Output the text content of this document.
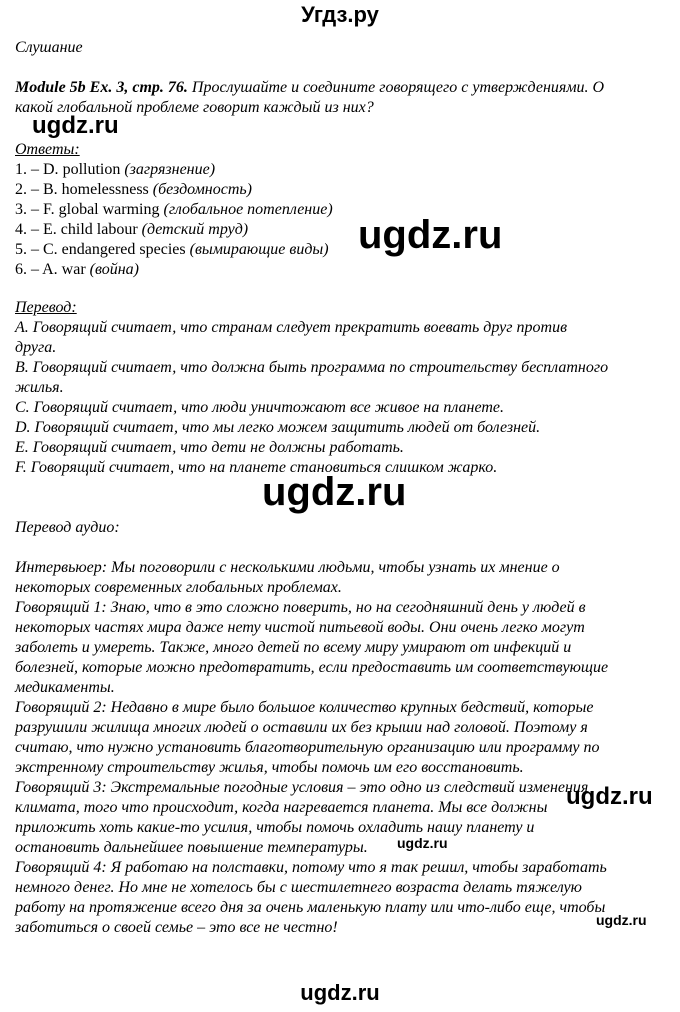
Угдз.ру
Слушание
Module 5b Ex. 3, стр. 76. Прослушайте и соедините говорящего с утверждениями. О
какой глобальной проблеме говорит каждый из них?
Ответы:
1. – D. pollution (загрязнение)
2. – B. homelessness (бездомность)
3. – F. global warming (глобальное потепление)
4. – E. child labour (детский труд)
5. – C. endangered species (вымирающие виды)
6. – A. war (война)
Перевод:
A. Говорящий считает, что странам следует прекратить воевать друг против
друга.
B. Говорящий считает, что должна быть программа по строительству бесплатного
жилья.
C. Говорящий считает, что люди уничтожают все живое на планете.
D. Говорящий считает, что мы легко можем защитить людей от болезней.
E. Говорящий считает, что дети не должны работать.
F. Говорящий считает, что на планете становиться слишком жарко.
Перевод аудио:
Интервьюер: Мы поговорили с несколькими людьми, чтобы узнать их мнение о
некоторых современных глобальных проблемах.
Говорящий 1: Знаю, что в это сложно поверить, но на сегодняшний день у людей в
некоторых частях мира даже нету чистой питьевой воды. Они очень легко могут
заболеть и умереть. Также, много детей по всему миру умирают от инфекций и
болезней, которые можно предотвратить, если предоставить им соответствующие
медикаменты.
Говорящий 2: Недавно в мире было большое количество крупных бедствий, которые
разрушили жилища многих людей о оставили их без крыши над головой. Поэтому я
считаю, что нужно установить благотворительную организацию или программу по
экстренному строительству жилья, чтобы помочь им его восстановить.
Говорящий 3: Экстремальные погодные условия – это одно из следствий изменения
климата, того что происходит, когда нагревается планета. Мы все должны
приложить хоть какие-то усилия, чтобы помочь охладить нашу планету и
остановить дальнейшее повышение температуры.
Говорящий 4: Я работаю на полставки, потому что я так решил, чтобы заработать
немного денег. Но мне не хотелось бы с шестилетнего возраста делать тяжелую
работу на протяжение всего дня за очень маленькую плату или что-либо еще, чтобы
заботиться о своей семье – это все не честно!
ugdz.ru
ugdz.ru
ugdz.ru
ugdz.ru
ugdz.ru
ugdz.ru
ugdz.ru
